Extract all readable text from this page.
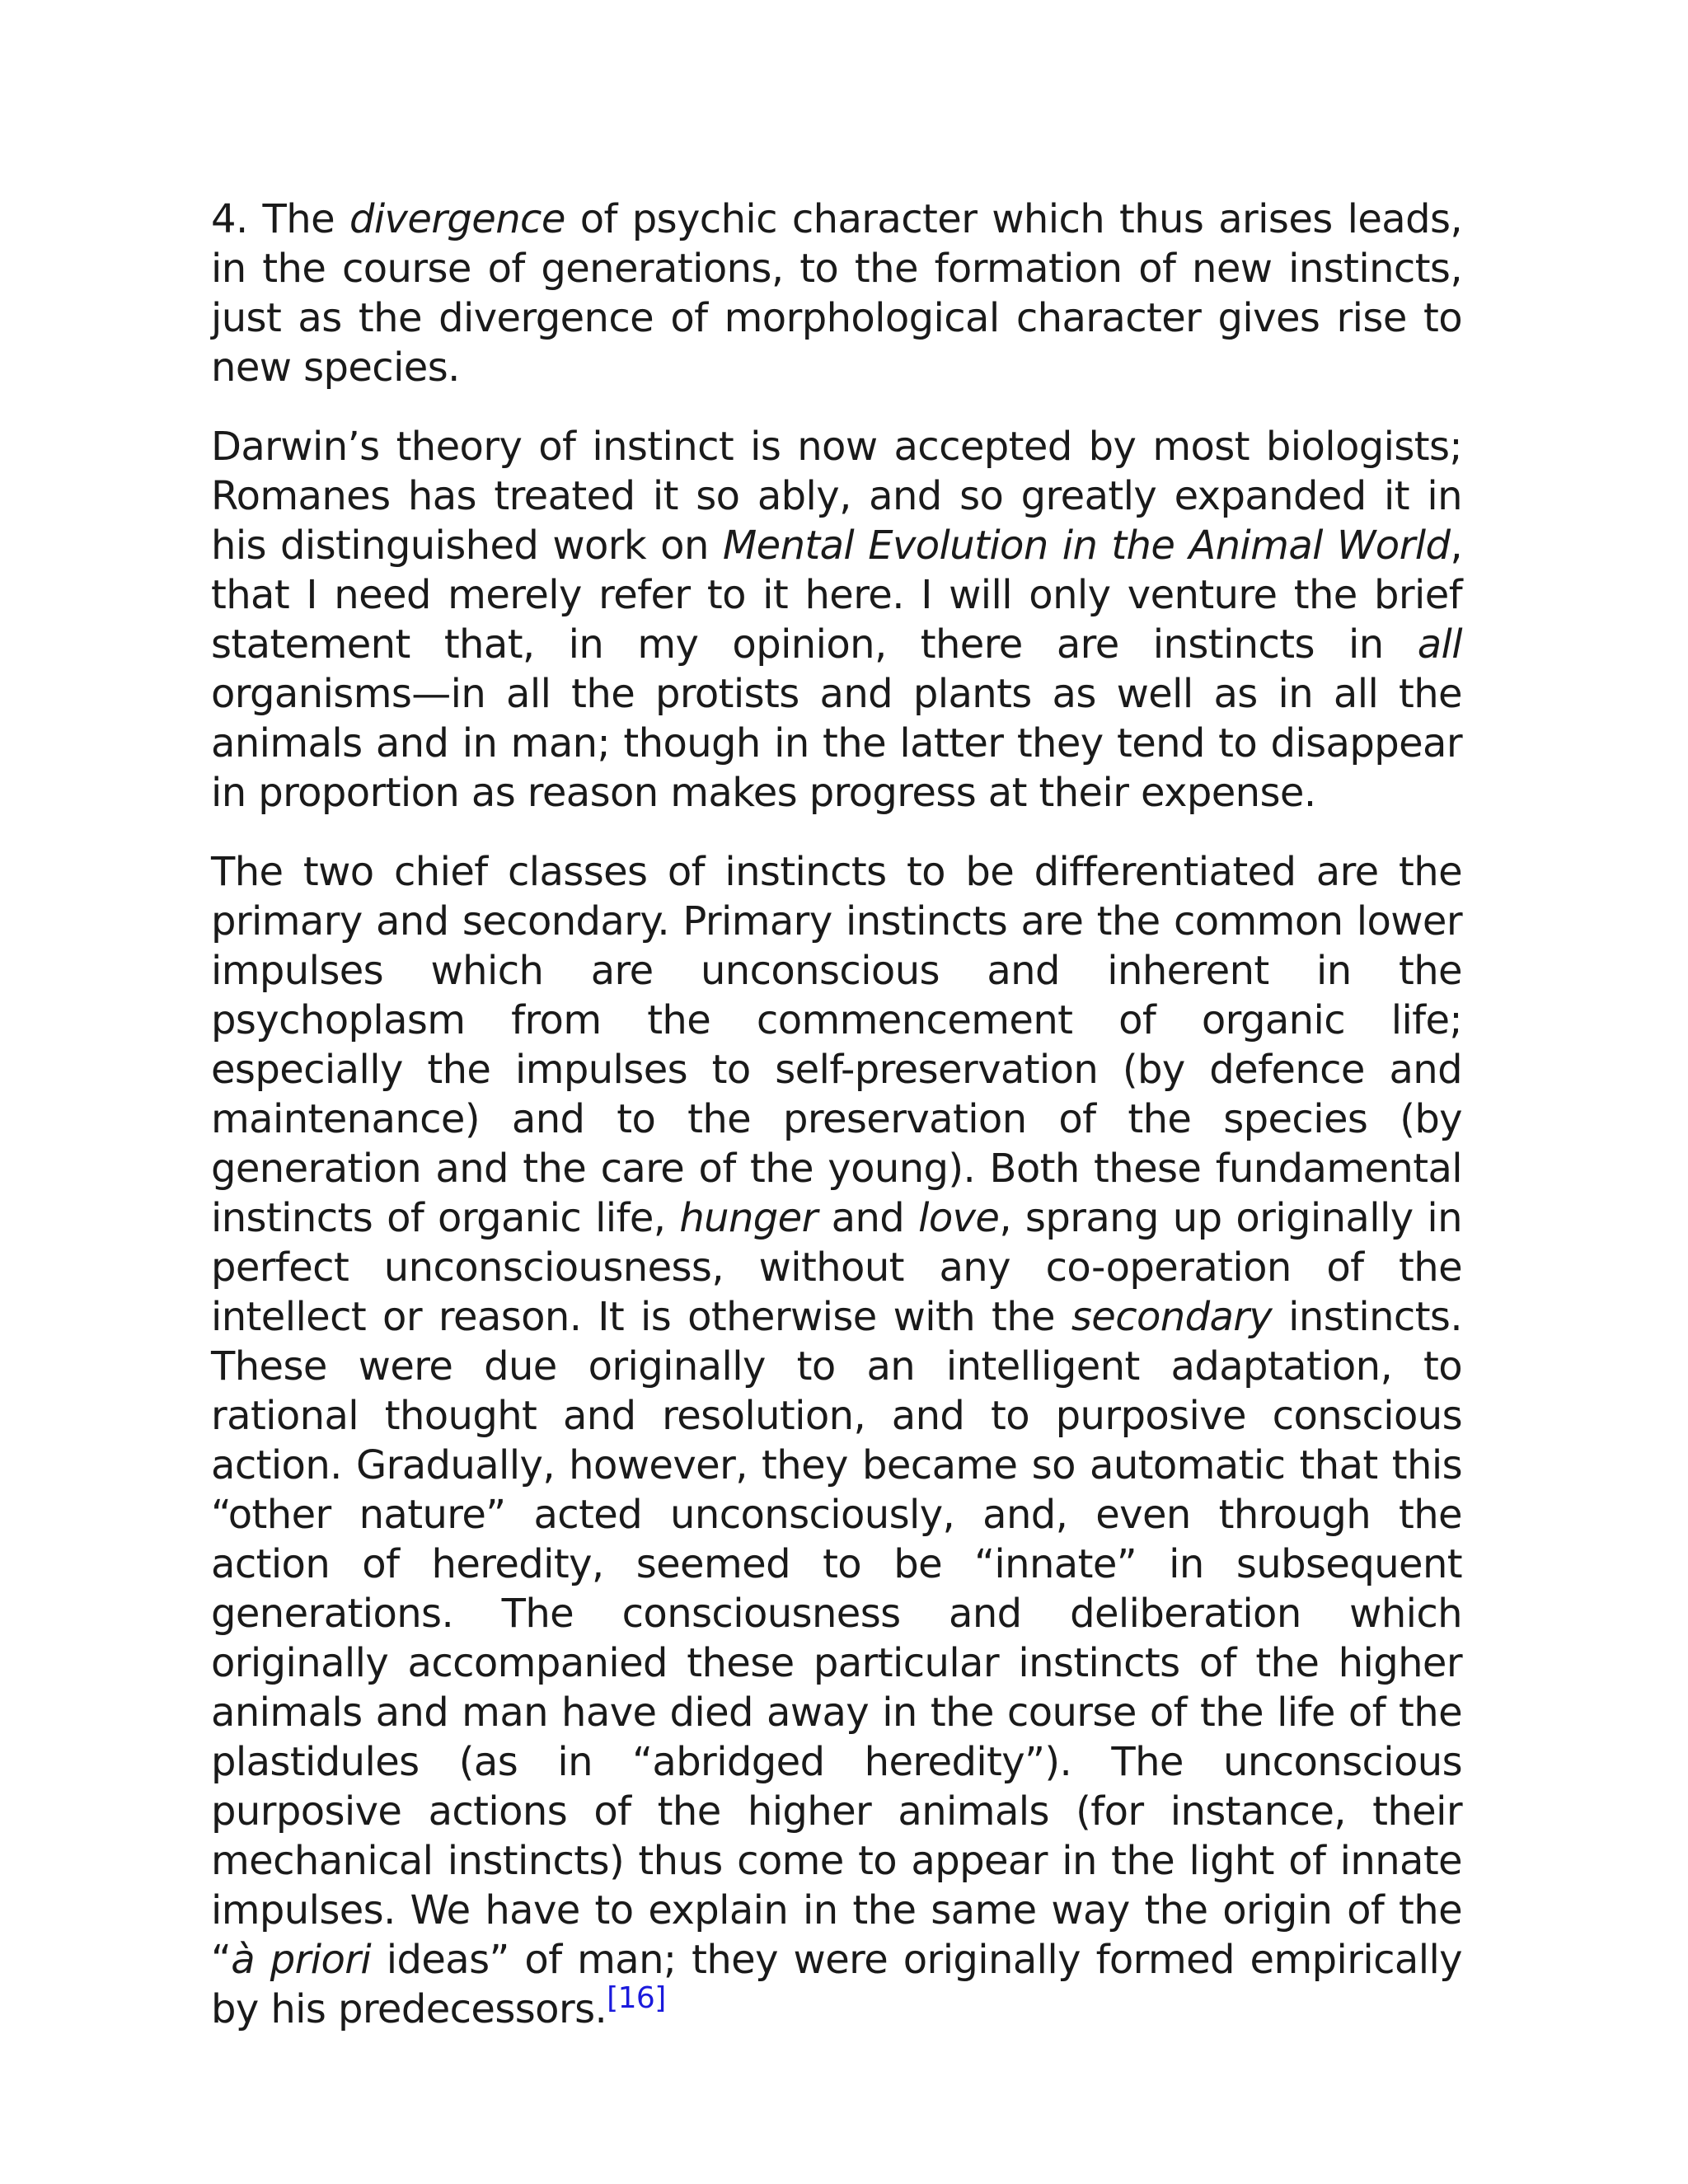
4. The divergence of psychic character which thus arises leads, in the course of generations, to the formation of new instincts, just as the divergence of morphological character gives rise to new species.

Darwin’s theory of instinct is now accepted by most biologists; Romanes has treated it so ably, and so greatly expanded it in his distinguished work on Mental Evolution in the Animal World, that I need merely refer to it here. I will only venture the brief statement that, in my opinion, there are instincts in all organisms—in all the protists and plants as well as in all the animals and in man; though in the latter they tend to disappear in proportion as reason makes progress at their expense.

The two chief classes of instincts to be differentiated are the primary and secondary. Primary instincts are the common lower impulses which are unconscious and inherent in the psychoplasm from the commencement of organic life; especially the impulses to self-preservation (by defence and maintenance) and to the preservation of the species (by generation and the care of the young). Both these fundamental instincts of organic life, hunger and love, sprang up originally in perfect unconsciousness, without any co-operation of the intellect or reason. It is otherwise with the secondary instincts. These were due originally to an intelligent adaptation, to rational thought and resolution, and to purposive conscious action. Gradually, however, they became so automatic that this “other nature” acted unconsciously, and, even through the action of heredity, seemed to be “innate” in subsequent generations. The consciousness and deliberation which originally accompanied these particular instincts of the higher animals and man have died away in the course of the life of the plastidules (as in “abridged heredity”). The unconscious purposive actions of the higher animals (for instance, their mechanical instincts) thus come to appear in the light of innate impulses. We have to explain in the same way the origin of the “à priori ideas” of man; they were originally formed empirically by his predecessors.[16]
